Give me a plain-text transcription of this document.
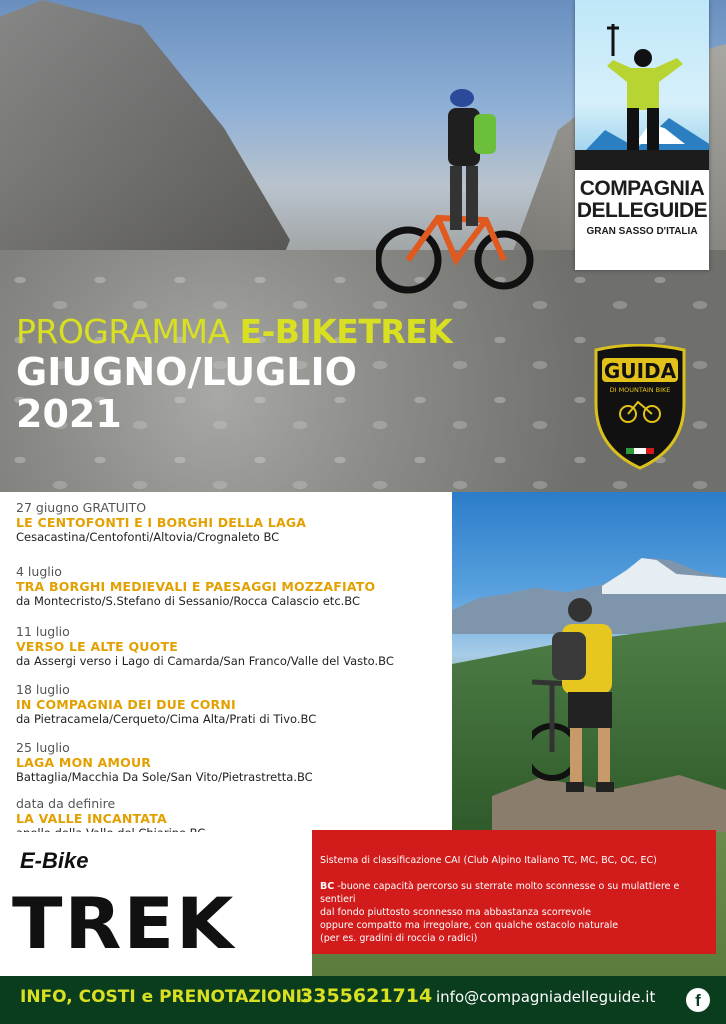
PROGRAMMA E-BIKETREK
GIUGNO/LUGLIO
2021
COMPAGNIA
DELLEGUIDE
GRAN SASSO D'ITALIA
GUIDA
DI MOUNTAIN BIKE
27 giugno GRATUITO
LE CENTOFONTI E I BORGHI DELLA LAGA
Cesacastina/Centofonti/Altovia/Crognaleto BC
4 luglio
TRA BORGHI MEDIEVALI E PAESAGGI MOZZAFIATO
da Montecristo/S.Stefano di Sessanio/Rocca Calascio etc.BC
11 luglio
VERSO LE ALTE QUOTE
da Assergi verso i Lago di Camarda/San Franco/Valle del Vasto.BC
18 luglio
IN COMPAGNIA DEI DUE CORNI
da Pietracamela/Cerqueto/Cima Alta/Prati di Tivo.BC
25 luglio
LAGA MON AMOUR
Battaglia/Macchia Da Sole/San Vito/Pietrastretta.BC
data da definire
LA VALLE INCANTATA

Sistema di classificazione CAI (Club Alpino Italiano TC, MC, BC, OC, EC)

BC -buone capacità percorso su sterrate molto sconnesse o su mulattiere e sentieri

dal fondo piuttosto sconnesso ma abbastanza scorrevole

oppure compatto ma irregolare, con qualche ostacolo naturale

(per es. gradini di roccia o radici)

E-Bike
TREK
INFO, COSTI e PRENOTAZIONI:
3355621714 info@compagniadelleguide.it	f
